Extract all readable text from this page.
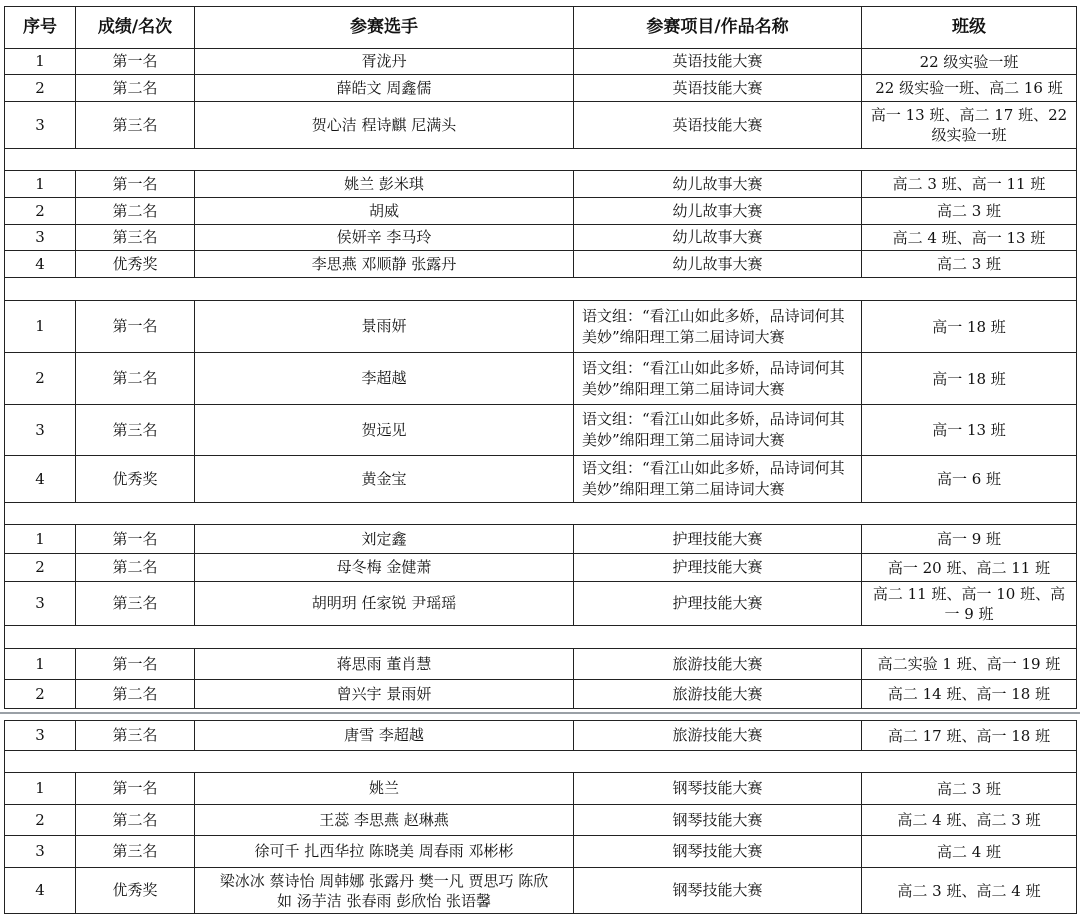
序号	成绩/名次	参赛选手	参赛项目/作品名称	班级
1	第一名	胥泷丹	英语技能大赛	22 级实验一班
2	第二名	薛皓文 周鑫儒	英语技能大赛	22 级实验一班、高二 16 班
3	第三名	贺心洁 程诗麒 尼满头	英语技能大赛	高一 13 班、高二 17 班、22 级实验一班

1	第一名	姚兰 彭米琪	幼儿故事大赛	高二 3 班、高一 11 班
2	第二名	胡威	幼儿故事大赛	高二 3 班
3	第三名	侯妍辛 李马玲	幼儿故事大赛	高二 4 班、高一 13 班
4	优秀奖	李思燕 邓顺静 张露丹	幼儿故事大赛	高二 3 班

1	第一名	景雨妍	语文组：“看江山如此多娇，品诗词何其美妙”绵阳理工第二届诗词大赛	高一 18 班
2	第二名	李超越	语文组：“看江山如此多娇，品诗词何其美妙”绵阳理工第二届诗词大赛	高一 18 班
3	第三名	贺远见	语文组：“看江山如此多娇，品诗词何其美妙”绵阳理工第二届诗词大赛	高一 13 班
4	优秀奖	黄金宝	语文组：“看江山如此多娇，品诗词何其美妙”绵阳理工第二届诗词大赛	高一 6 班

1	第一名	刘定鑫	护理技能大赛	高一 9 班
2	第二名	母冬梅 金健萧	护理技能大赛	高一 20 班、高二 11 班
3	第三名	胡明玥 任家锐 尹瑶瑶	护理技能大赛	高二 11 班、高一 10 班、高一 9 班

1	第一名	蒋思雨 董肖慧	旅游技能大赛	高二实验 1 班、高一 19 班
2	第二名	曾兴宇 景雨妍	旅游技能大赛	高二 14 班、高一 18 班
3	第三名	唐雪 李超越	旅游技能大赛	高二 17 班、高一 18 班

1	第一名	姚兰	钢琴技能大赛	高二 3 班
2	第二名	王蕊 李思燕 赵琳燕	钢琴技能大赛	高二 4 班、高二 3 班
3	第三名	徐可千 扎西华拉 陈晓美 周春雨 邓彬彬	钢琴技能大赛	高二 4 班
4	优秀奖	梁冰冰 蔡诗怡 周韩娜 张露丹 樊一凡 贾思巧 陈欣如 汤芋洁 张春雨 彭欣怡 张语馨	钢琴技能大赛	高二 3 班、高二 4 班
